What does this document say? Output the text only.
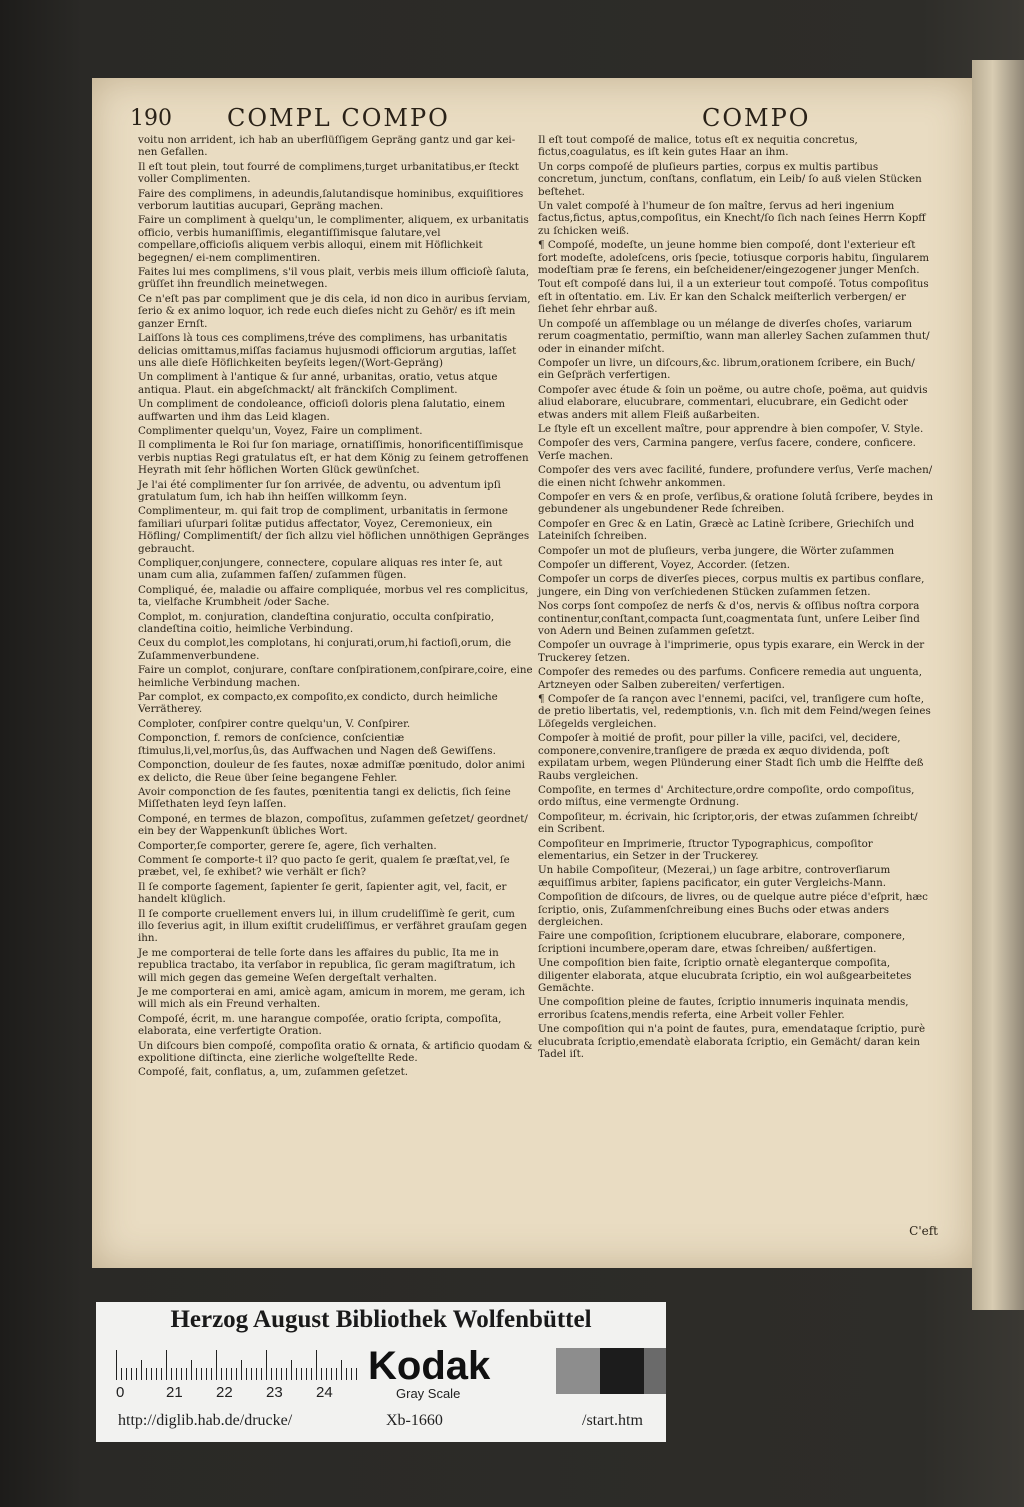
190 COMPL COMPO	COMPO
voitu non arrident, ich hab an uberflüſſigem Gepräng gantz und gar kei-nen Gefallen.
Il eſt tout plein, tout fourré de complimens,turget urbanitatibus,er ſteckt voller Complimenten.
Faire des complimens, in adeundis,ſalutandisque hominibus, exquiſitiores verborum lautitias aucupari, Gepräng machen.
Faire un compliment à quelqu'un, le complimenter, aliquem, ex urbanitatis officio, verbis humaniſſimis, elegantiſſimisque ſalutare,vel compellare,officioſis aliquem verbis alloqui, einem mit Höflichkeit begegnen/ ei-nem complimentiren.
Faites lui mes complimens, s'il vous plait, verbis meis illum officioſè ſaluta, grüſſet ihn freundlich meinetwegen.
Ce n'eſt pas par compliment que je dis cela, id non dico in auribus ſerviam, ſerio & ex animo loquor, ich rede euch dieſes nicht zu Gehör/ es iſt mein ganzer Ernſt.
Laiſſons là tous ces complimens,tréve des complimens, has urbanitatis delicias omittamus,miſſas faciamus hujusmodi officiorum argutias, laſſet uns alle dieſe Höflichkeiten beyſeits legen/(Wort-Gepräng)
Un compliment à l'antique & ſur anné, urbanitas, oratio, vetus atque antiqua. Plaut. ein abgeſchmackt/ alt fränckiſch Compliment.
Un compliment de condoleance, officioſi doloris plena ſalutatio, einem auffwarten und ihm das Leid klagen.
Complimenter quelqu'un, Voyez, Faire un compliment.
Il complimenta le Roi ſur ſon mariage, ornatiſſimis, honorificentiſſimisque verbis nuptias Regi gratulatus eſt, er hat dem König zu ſeinem getroffenen Heyrath mit ſehr höflichen Worten Glück gewünſchet.
Je l'ai été complimenter ſur ſon arrivée, de adventu, ou adventum ipſi gratulatum ſum, ich hab ihn heiſſen willkomm ſeyn.
Complimenteur, m. qui fait trop de compliment, urbanitatis in ſermone familiari uſurpari ſolitæ putidus affectator, Voyez, Ceremonieux, ein Höfling/ Complimentiſt/ der ſich allzu viel höflichen unnöthigen Gepränges gebraucht.
Compliquer,conjungere, connectere, copulare aliquas res inter ſe, aut unam cum alia, zuſammen faſſen/ zuſammen fügen.
Compliqué, ée, maladie ou affaire compliquée, morbus vel res complicitus, ta, vielfache Krumbheit /oder Sache.
Complot, m. conjuration, clandeſtina conjuratio, occulta conſpiratio, clandeſtina coitio, heimliche Verbindung.
Ceux du complot,les complotans, hi conjurati,orum,hi factioſi,orum, die Zuſammenverbundene.
Faire un complot, conjurare, conſtare conſpirationem,conſpirare,coire, eine heimliche Verbindung machen.
Par complot, ex compacto,ex compoſito,ex condicto, durch heimliche Verrätherey.
Comploter, conſpirer contre quelqu'un, V. Conſpirer.
Componction, f. remors de conſcience, conſcientiæ ſtimulus,li,vel,morſus,ûs, das Auffwachen und Nagen deß Gewiſſens.
Componction, douleur de ſes fautes, noxæ admiſſæ pœnitudo, dolor animi ex delicto, die Reue über ſeine begangene Fehler.
Avoir componction de ſes fautes, pœnitentia tangi ex delictis, ſich ſeine Miſſethaten leyd ſeyn laſſen.
Componé, en termes de blazon, compoſitus, zuſammen geſetzet/ geordnet/ ein bey der Wappenkunſt übliches Wort.
Comporter,ſe comporter, gerere ſe, agere, ſich verhalten.
Comment ſe comporte-t il? quo pacto ſe gerit, qualem ſe præſtat,vel, ſe præbet, vel, ſe exhibet? wie verhält er ſich?
Il ſe comporte ſagement, ſapienter ſe gerit, ſapienter agit, vel, facit, er handelt klüglich.
Il ſe comporte cruellement envers lui, in illum crudeliſſimè ſe gerit, cum illo ſeverius agit, in illum exiſtit crudeliſſimus, er verfähret grauſam gegen ihn.
Je me comporterai de telle ſorte dans les affaires du public, Ita me in republica tractabo, ita verſabor in republica, ſic geram magiſtratum, ich will mich gegen das gemeine Weſen dergeſtalt verhalten.
Je me comporterai en ami, amicè agam, amicum in morem, me geram, ich will mich als ein Freund verhalten.
Compoſé, écrit, m. une harangue compoſée, oratio ſcripta, compoſita, elaborata, eine verfertigte Oration.
Un diſcours bien compoſé, compoſita oratio & ornata, & artificio quodam & expolitione diſtincta, eine zierliche wolgeſtellte Rede.
Compoſé, fait, conflatus, a, um, zuſammen geſetzet.
Il eſt tout compoſé de malice, totus eſt ex nequitia concretus, fictus,coagulatus, es iſt kein gutes Haar an ihm.
Un corps compoſé de pluſieurs parties, corpus ex multis partibus concretum, junctum, conſtans, conflatum, ein Leib/ ſo auß vielen Stücken beſtehet.
Un valet compoſé à l'humeur de ſon maître, ſervus ad heri ingenium factus,fictus, aptus,compoſitus, ein Knecht/ſo ſich nach ſeines Herrn Kopff zu ſchicken weiß.
¶ Compoſé, modeſte, un jeune homme bien compoſé, dont l'exterieur eſt fort modeſte, adoleſcens, oris ſpecie, totiusque corporis habitu, ſingularem modeſtiam præ ſe ferens, ein beſcheidener/eingezogener junger Menſch.
Tout eſt compoſé dans lui, il a un exterieur tout compoſé. Totus compoſitus eſt in oſtentatio. em. Liv. Er kan den Schalck meiſterlich verbergen/ er ſiehet ſehr ehrbar auß.
Un compoſé un aſſemblage ou un mélange de diverſes choſes, variarum rerum coagmentatio, permiſtio, wann man allerley Sachen zuſammen thut/ oder in einander miſcht.
Compoſer un livre, un diſcours,&c. librum,orationem ſcribere, ein Buch/ ein Geſpräch verfertigen.
Compoſer avec étude & ſoin un poëme, ou autre choſe, poëma, aut quidvis aliud elaborare, elucubrare, commentari, elucubrare, ein Gedicht oder etwas anders mit allem Fleiß außarbeiten.
Le ſtyle eſt un excellent maître, pour apprendre à bien compoſer, V. Style.
Compoſer des vers, Carmina pangere, verſus facere, condere, conficere. Verſe machen.
Compoſer des vers avec facilité, fundere, profundere verſus, Verſe machen/ die einen nicht ſchwehr ankommen.
Compoſer en vers & en proſe, verſibus,& oratione ſolutâ ſcribere, beydes in gebundener als ungebundener Rede ſchreiben.
Compoſer en Grec & en Latin, Græcè ac Latinè ſcribere, Griechiſch und Lateiniſch ſchreiben.
Compoſer un mot de pluſieurs, verba jungere, die Wörter zuſammen
Compoſer un different, Voyez, Accorder. (ſetzen.
Compoſer un corps de diverſes pieces, corpus multis ex partibus conflare, jungere, ein Ding von verſchiedenen Stücken zuſammen ſetzen.
Nos corps ſont compoſez de nerfs & d'os, nervis & oſſibus noſtra corpora continentur,conſtant,compacta ſunt,coagmentata ſunt, unſere Leiber ſind von Adern und Beinen zuſammen geſetzt.
Compoſer un ouvrage à l'imprimerie, opus typis exarare, ein Werck in der Truckerey ſetzen.
Compoſer des remedes ou des parfums. Conficere remedia aut unguenta, Artzneyen oder Salben zubereiten/ verfertigen.
¶ Compoſer de ſa rançon avec l'ennemi, paciſci, vel, tranſigere cum hoſte, de pretio libertatis, vel, redemptionis, v.n. ſich mit dem Feind/wegen ſeines Löſegelds vergleichen.
Compoſer à moitié de profit, pour piller la ville, paciſci, vel, decidere, componere,convenire,tranſigere de præda ex æquo dividenda, poſt expilatam urbem, wegen Plünderung einer Stadt ſich umb die Helffte deß Raubs vergleichen.
Compoſite, en termes d' Architecture,ordre compoſite, ordo compoſitus, ordo miſtus, eine vermengte Ordnung.
Compoſiteur, m. écrivain, hic ſcriptor,oris, der etwas zuſammen ſchreibt/ ein Scribent.
Compoſiteur en Imprimerie, ſtructor Typographicus, compoſitor elementarius, ein Setzer in der Truckerey.
Un habile Compoſiteur, (Mezerai,) un ſage arbitre, controverſiarum æquiſſimus arbiter, ſapiens pacificator, ein guter Vergleichs-Mann.
Compoſition de diſcours, de livres, ou de quelque autre piéce d'eſprit, hæc ſcriptio, onis, Zuſammenſchreibung eines Buchs oder etwas anders dergleichen.
Faire une compoſition, ſcriptionem elucubrare, elaborare, componere, ſcriptioni incumbere,operam dare, etwas ſchreiben/ außfertigen.
Une compoſition bien faite, ſcriptio ornatè eleganterque compoſita, diligenter elaborata, atque elucubrata ſcriptio, ein wol außgearbeitetes Gemächte.
Une compoſition pleine de fautes, ſcriptio innumeris inquinata mendis, erroribus ſcatens,mendis referta, eine Arbeit voller Fehler.
Une compoſition qui n'a point de fautes, pura, emendataque ſcriptio, purè elucubrata ſcriptio,emendatè elaborata ſcriptio, ein Gemächt/ daran kein Tadel iſt.
C'eft
Herzog August Bibliothek Wolfenbüttel
0	21 22 23 24
Kodak
Gray Scale
http://diglib.hab.de/drucke/	Xb-1660	/start.htm
